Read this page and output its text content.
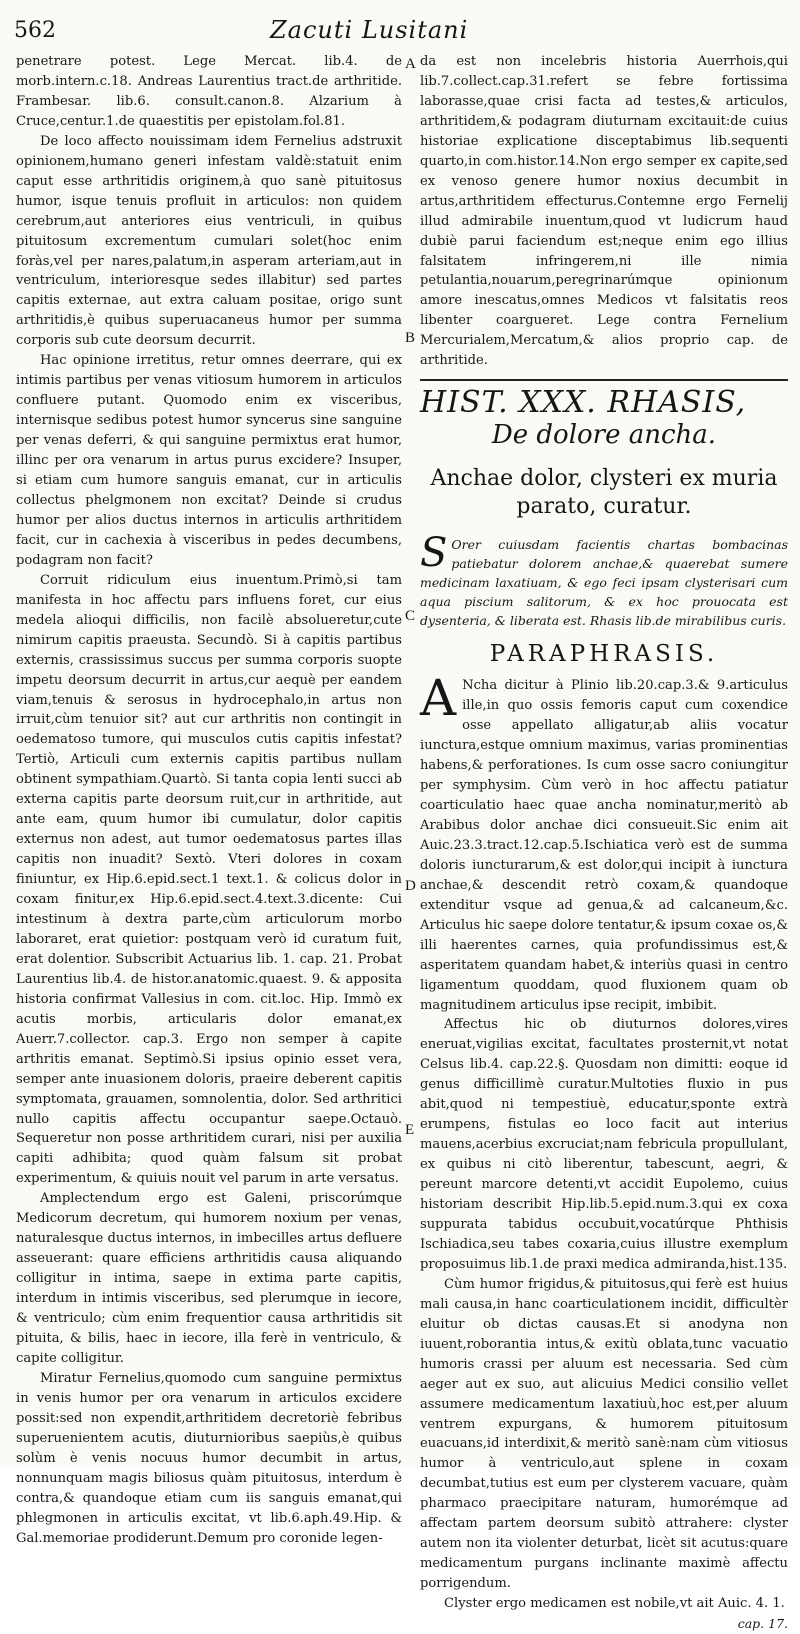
562	Zacuti Lusitani
A
B
C
D
E

penetrare potest. Lege Mercat. lib.4. de morb.intern.c.18. Andreas Laurentius tract.de arthritide. Frambesar. lib.6. consult.canon.8. Alzarium à Cruce,centur.1.de quaestitis per epistolam.fol.81.

De loco affecto nouissimam idem Fernelius adstruxit opinionem,humano generi infestam valdè:statuit enim caput esse arthritidis originem,à quo sanè pituitosus humor, isque tenuis profluit in articulos: non quidem cerebrum,aut anteriores eius ventriculi, in quibus pituitosum excrementum cumulari solet(hoc enim foràs,vel per nares,palatum,in asperam arteriam,aut in ventriculum, interioresque sedes illabitur) sed partes capitis externae, aut extra caluam positae, origo sunt arthritidis,è quibus superuacaneus humor per summa corporis sub cute deorsum decurrit.

Hac opinione irretitus, retur omnes deerrare, qui ex intimis partibus per venas vitiosum humorem in articulos confluere putant. Quomodo enim ex visceribus, internisque sedibus potest humor syncerus sine sanguine per venas deferri, & qui sanguine permixtus erat humor, illinc per ora venarum in artus purus excidere? Insuper, si etiam cum humore sanguis emanat, cur in articulis collectus phelgmonem non excitat? Deinde si crudus humor per alios ductus internos in articulis arthritidem facit, cur in cachexia à visceribus in pedes decumbens, podagram non facit?

Corruit ridiculum eius inuentum.Primò,si tam manifesta in hoc affectu pars influens foret, cur eius medela alioqui difficilis, non facilè absolueretur,cute nimirum capitis praeusta. Secundò. Si à capitis partibus externis, crassissimus succus per summa corporis suopte impetu deorsum decurrit in artus,cur aequè per eandem viam,tenuis & serosus in hydrocephalo,in artus non irruit,cùm tenuior sit? aut cur arthritis non contingit in oedematoso tumore, qui musculos cutis capitis infestat? Tertiò, Articuli cum externis capitis partibus nullam obtinent sympathiam.Quartò. Si tanta copia lenti succi ab externa capitis parte deorsum ruit,cur in arthritide, aut ante eam, quum humor ibi cumulatur, dolor capitis externus non adest, aut tumor oedematosus partes illas capitis non inuadit? Sextò. Vteri dolores in coxam finiuntur, ex Hip.6.epid.sect.1 text.1. & colicus dolor in coxam finitur,ex Hip.6.epid.sect.4.text.3.dicente: Cui intestinum à dextra parte,cùm articulorum morbo laboraret, erat quietior: postquam verò id curatum fuit, erat dolentior. Subscribit Actuarius lib. 1. cap. 21. Probat Laurentius lib.4. de histor.anatomic.quaest. 9. & apposita historia confirmat Vallesius in com. cit.loc. Hip. Immò ex acutis morbis, articularis dolor emanat,ex Auerr.7.collector. cap.3. Ergo non semper à capite arthritis emanat. Septimò.Si ipsius opinio esset vera, semper ante inuasionem doloris, praeire deberent capitis symptomata, grauamen, somnolentia, dolor. Sed arthritici nullo capitis affectu occupantur saepe.Octauò. Sequeretur non posse arthritidem curari, nisi per auxilia capiti adhibita; quod quàm falsum sit probat experimentum, & quiuis nouit vel parum in arte versatus.

Amplectendum ergo est Galeni, priscorúmque Medicorum decretum, qui humorem noxium per venas, naturalesque ductus internos, in imbecilles artus defluere asseuerant: quare efficiens arthritidis causa aliquando colligitur in intima, saepe in extima parte capitis, interdum in intimis visceribus, sed plerumque in iecore, & ventriculo; cùm enim frequentior causa arthritidis sit pituita, & bilis, haec in iecore, illa ferè in ventriculo, & capite colligitur.

Miratur Fernelius,quomodo cum sanguine permixtus in venis humor per ora venarum in articulos excidere possit:sed non expendit,arthritidem decretoriè febribus superuenientem acutis, diuturnioribus saepiùs,è quibus solùm è venis nocuus humor decumbit in artus, nonnunquam magis biliosus quàm pituitosus, interdum è contra,& quandoque etiam cum iis sanguis emanat,qui phlegmonen in articulis excitat, vt lib.6.aph.49.Hip. & Gal.memoriae prodiderunt.Demum pro coronide legen-

da est non incelebris historia Auerrhois,qui lib.7.collect.cap.31.refert se febre fortissima laborasse,quae crisi facta ad testes,& articulos, arthritidem,& podagram diuturnam excitauit:de cuius historiae explicatione disceptabimus lib.sequenti quarto,in com.histor.14.Non ergo semper ex capite,sed ex venoso genere humor noxius decumbit in artus,arthritidem effecturus.Contemne ergo Fernelij illud admirabile inuentum,quod vt ludicrum haud dubiè parui faciendum est;neque enim ego illius falsitatem infringerem,ni ille nimia petulantia,nouarum,peregrinarúmque opinionum amore inescatus,omnes Medicos vt falsitatis reos libenter coargueret. Lege contra Fernelium Mercurialem,Mercatum,& alios proprio cap. de arthritide.

HIST. XXX. RHASIS,
De dolore ancha.
Anchae dolor, clysteri ex muria parato, curatur.
S Orer cuiusdam facientis chartas bombacinas patiebatur dolorem anchae,& quaerebat sumere medicinam laxatiuam, & ego feci ipsam clysterisari cum aqua piscium salitorum, & ex hoc prouocata est dysenteria, & liberata est. Rhasis lib.de mirabilibus curis.
PARAPHRASIS.

A Ncha dicitur à Plinio lib.20.cap.3.& 9.articulus ille,in quo ossis femoris caput cum coxendice osse appellato alligatur,ab aliis vocatur iunctura,estque omnium maximus, varias prominentias habens,& perforationes. Is cum osse sacro coniungitur per symphysim. Cùm verò in hoc affectu patiatur coarticulatio haec quae ancha nominatur,meritò ab Arabibus dolor anchae dici consueuit.Sic enim ait Auic.23.3.tract.12.cap.5.Ischiatica verò est de summa doloris iuncturarum,& est dolor,qui incipit à iunctura anchae,& descendit retrò coxam,& quandoque extenditur vsque ad genua,& ad calcaneum,&c. Articulus hic saepe dolore tentatur,& ipsum coxae os,& illi haerentes carnes, quia profundissimus est,& asperitatem quandam habet,& interiùs quasi in centro ligamentum quoddam, quod fluxionem quam ob magnitudinem articulus ipse recipit, imbibit.

Affectus hic ob diuturnos dolores,vires eneruat,vigilias excitat, facultates prosternit,vt notat Celsus lib.4. cap.22.§. Quosdam non dimitti: eoque id genus difficillimè curatur.Multoties fluxio in pus abit,quod ni tempestiuè, educatur,sponte extrà erumpens, fistulas eo loco facit aut interius mauens,acerbius excruciat;nam febricula propullulant, ex quibus ni citò liberentur, tabescunt, aegri, & pereunt marcore detenti,vt accidit Eupolemo, cuius historiam describit Hip.lib.5.epid.num.3.qui ex coxa suppurata tabidus occubuit,vocatúrque Phthisis Ischiadica,seu tabes coxaria,cuius illustre exemplum proposuimus lib.1.de praxi medica admiranda,hist.135.

Cùm humor frigidus,& pituitosus,qui ferè est huius mali causa,in hanc coarticulationem incidit, difficultèr eluitur ob dictas causas.Et si anodyna non iuuent,roborantia intus,& exitù oblata,tunc vacuatio humoris crassi per aluum est necessaria. Sed cùm aeger aut ex suo, aut alicuius Medici consilio vellet assumere medicamentum laxatiuù,hoc est,per aluum ventrem expurgans, & humorem pituitosum euacuans,id interdixit,& meritò sanè:nam cùm vitiosus humor à ventriculo,aut splene in coxam decumbat,tutius est eum per clysterem vacuare, quàm pharmaco praecipitare naturam, humorémque ad affectam partem deorsum subitò attrahere: clyster autem non ita violenter deturbat, licèt sit acutus:quare medicamentum purgans inclinante maximè affectu porrigendum.

Clyster ergo medicamen est nobile,vt ait Auic. 4. 1.

cap. 17.
